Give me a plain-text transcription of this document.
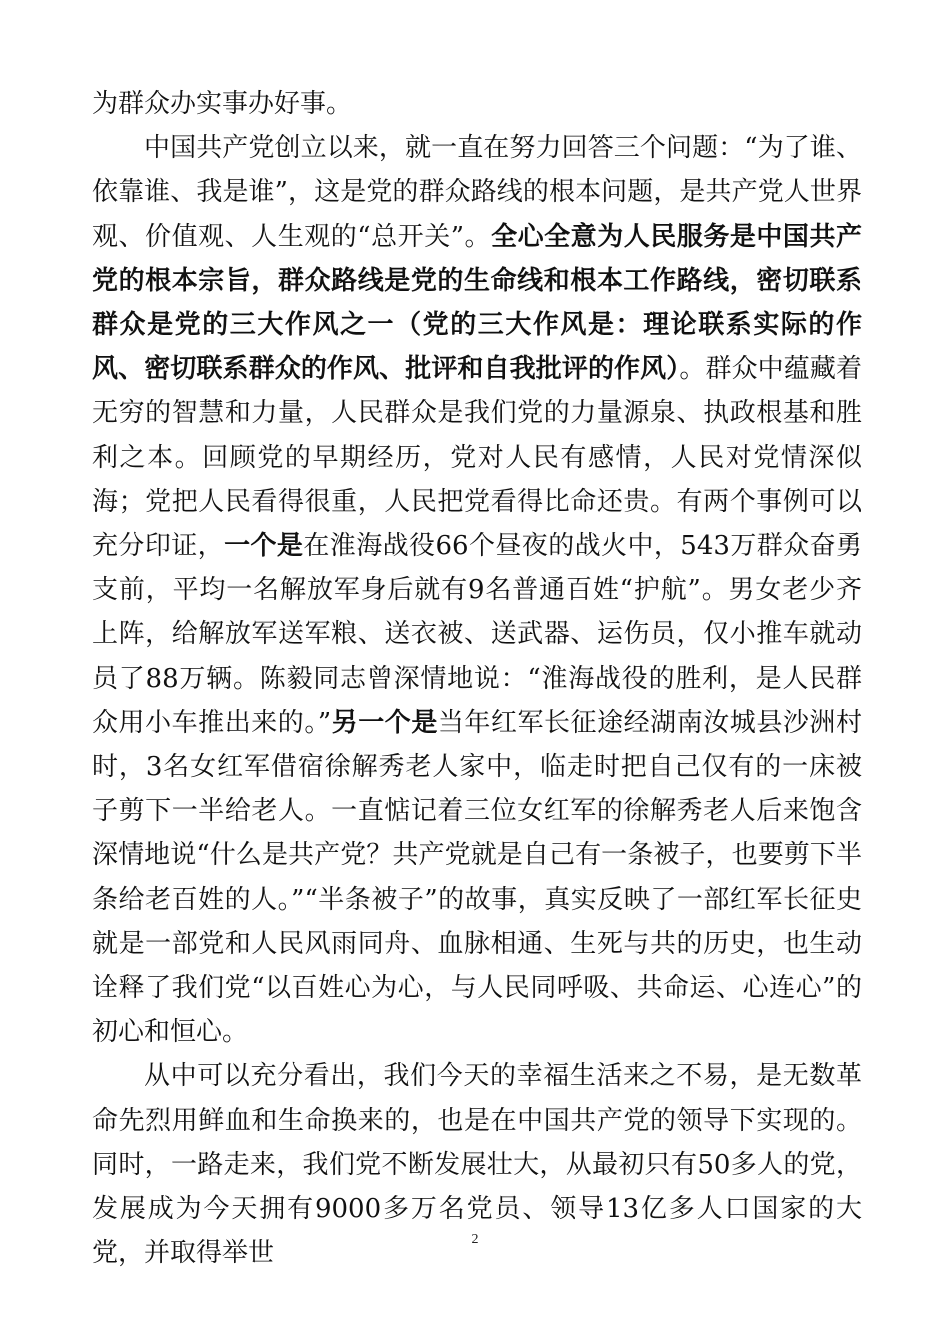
为群众办实事办好事。

中国共产党创立以来，就一直在努力回答三个问题：“为了谁、依靠谁、我是谁”，这是党的群众路线的根本问题，是共产党人世界观、价值观、人生观的“总开关”。全心全意为人民服务是中国共产党的根本宗旨，群众路线是党的生命线和根本工作路线，密切联系群众是党的三大作风之一（党的三大作风是：理论联系实际的作风、密切联系群众的作风、批评和自我批评的作风）。群众中蕴藏着无穷的智慧和力量，人民群众是我们党的力量源泉、执政根基和胜利之本。回顾党的早期经历，党对人民有感情，人民对党情深似海；党把人民看得很重，人民把党看得比命还贵。有两个事例可以充分印证，一个是在淮海战役66个昼夜的战火中，543万群众奋勇支前，平均一名解放军身后就有9名普通百姓“护航”。男女老少齐上阵，给解放军送军粮、送衣被、送武器、运伤员，仅小推车就动员了88万辆。陈毅同志曾深情地说：“淮海战役的胜利，是人民群众用小车推出来的。”另一个是当年红军长征途经湖南汝城县沙洲村时，3名女红军借宿徐解秀老人家中，临走时把自己仅有的一床被子剪下一半给老人。一直惦记着三位女红军的徐解秀老人后来饱含深情地说“什么是共产党？共产党就是自己有一条被子，也要剪下半条给老百姓的人。”“半条被子”的故事，真实反映了一部红军长征史就是一部党和人民风雨同舟、血脉相通、生死与共的历史，也生动诠释了我们党“以百姓心为心，与人民同呼吸、共命运、心连心”的初心和恒心。

从中可以充分看出，我们今天的幸福生活来之不易，是无数革命先烈用鲜血和生命换来的，也是在中国共产党的领导下实现的。同时，一路走来，我们党不断发展壮大，从最初只有50多人的党，发展成为今天拥有9000多万名党员、领导13亿多人口国家的大党，并取得举世	2
